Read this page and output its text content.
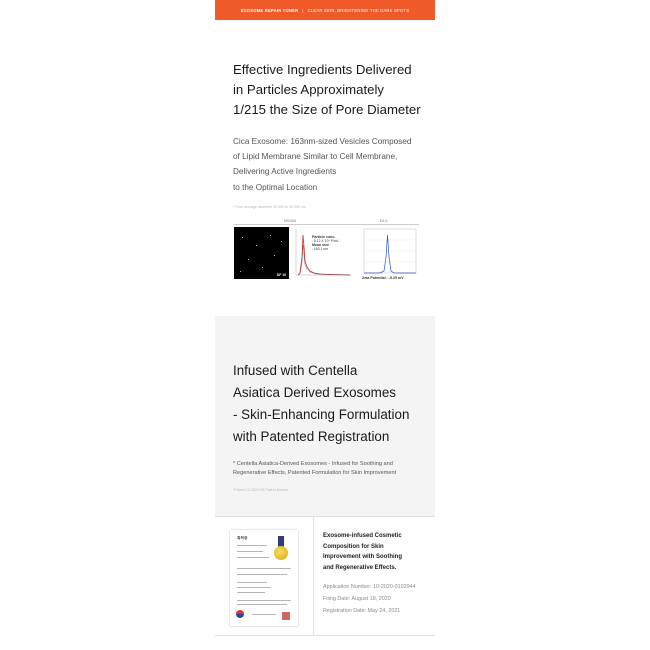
EXOSOME REPAIR TONER | CLEAR SKIN, BRIGHTENING THE DARK SPOTS
Effective Ingredients Delivered
in Particles Approximately
1/215 the Size of Pore Diameter

Cica Exosome: 163nm-sized Vesicles Composed
of Lipid Membrane Similar to Cell Membrane,
Delivering Active Ingredients
to the Optimal Location

* Pore average diameter 20,000 to 50,000 nm
NS300	DLS
DF 10
Particle conc.
: 8.12 X 10⁸ P/mL
Mean size
: 163.1 nm
Zeta Potential : -5.25 mV
Infused with Centella
Asiatica Derived Exosomes
- Skin-Enhancing Formulation
with Patented Registration

* Centella Asiatica-Derived Exosomes - Infused for Soothing and
Regenerative Effects, Patented Formulation for Skin Improvement

*Patent 10-2021*24 Patent license
특허증	Exosome-infused Cosmetic
Composition for Skin
Improvement with Soothing
and Regenerative Effects.

Application Number: 10-2020-0102944
Filing Date: August 18, 2020
Registration Date: May 24, 2021
